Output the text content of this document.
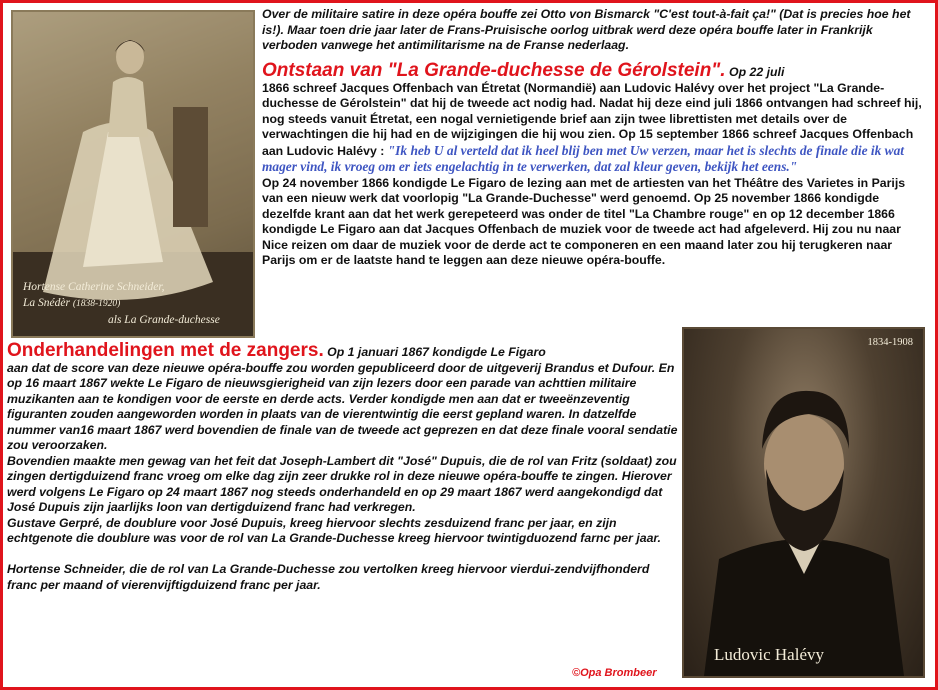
Hortense Catherine Schneider,
La Snédèr (1838-1920)
als La Grande-duchesse
Over de militaire satire in deze opéra bouffe zei Otto von Bismarck "C'est tout-à-fait ça!" (Dat is precies hoe het is!). Maar toen drie jaar later de Frans-Pruisische oorlog uitbrak werd deze opéra bouffe later in Frankrijk verboden vanwege het antimilitarisme na de Franse nederlaag.
Ontstaan van "La Grande-duchesse de Gérolstein". Op 22 juli
1866 schreef Jacques Offenbach van Étretat (Normandië) aan Ludovic Halévy over het project "La Grande-duchesse de Gérolstein" dat hij de tweede act nodig had. Nadat hij deze eind juli 1866 ontvangen had schreef hij, nog steeds vanuit Étretat, een nogal vernietigende brief aan zijn twee librettisten met details over de verwachtingen die hij had en de wijzigingen die hij wou zien. Op 15 september 1866 schreef Jacques Offenbach aan Ludovic Halévy : "Ik heb U al verteld dat ik heel blij ben met Uw verzen, maar het is slechts de finale die ik wat mager vind, ik vroeg om er iets engelachtig in te verwerken, dat zal kleur geven, bekijk het eens."
Op 24 november 1866 kondigde Le Figaro de lezing aan met de artiesten van het Théâtre des Varietes in Parijs van een nieuw werk dat voorlopig "La Grande-Duchesse" werd genoemd. Op 25 november 1866 kondigde dezelfde krant aan dat het werk gerepeteerd was onder de titel "La Chambre rouge" en op 12 december 1866 kondigde Le Figaro aan dat Jacques Offenbach de muziek voor de tweede act had afgeleverd. Hij zou nu naar Nice reizen om daar de muziek voor de derde act te componeren en een maand later zou hij terugkeren naar Parijs om er de laatste hand te leggen aan deze nieuwe opéra-bouffe.
1834-1908
Ludovic Halévy
Onderhandelingen met de zangers. Op 1 januari 1867 kondigde Le Figaro
aan dat de score van deze nieuwe opéra-bouffe zou worden gepubliceerd door de uitgeverij Brandus et Dufour. En op 16 maart 1867 wekte Le Figaro de nieuwsgierigheid van zijn lezers door een parade van achttien militaire muzikanten aan te kondigen voor de eerste en derde acts. Verder kondigde men aan dat er tweeënzeventig figuranten zouden aangeworden worden in plaats van de vierentwintig die eerst gepland waren. In datzelfde nummer van16 maart 1867 werd bovendien de finale van de tweede act geprezen en dat deze finale vooral sendatie zou veroorzaken.
Bovendien maakte men gewag van het feit dat Joseph-Lambert dit "José" Dupuis, die de rol van Fritz (soldaat) zou zingen dertigduizend franc vroeg om elke dag zijn zeer drukke rol in deze nieuwe opéra-bouffe te zingen. Hierover werd volgens Le Figaro op 24 maart 1867 nog steeds onderhandeld en op 29 maart 1867 werd aangekondigd dat José Dupuis zijn jaarlijks loon van dertigduizend franc had verkregen.
Gustave Gerpré, de doublure voor José Dupuis, kreeg hiervoor slechts zesduizend franc per jaar, en zijn echtgenote die doublure was voor de rol van La Grande-Duchesse kreeg hiervoor twintigduozend farnc per jaar.

Hortense Schneider, die de rol van La Grande-Duchesse zou vertolken kreeg hiervoor vierdui-zendvijfhonderd franc per maand of vierenvijftigduizend franc per jaar.
©Opa Brombeer
